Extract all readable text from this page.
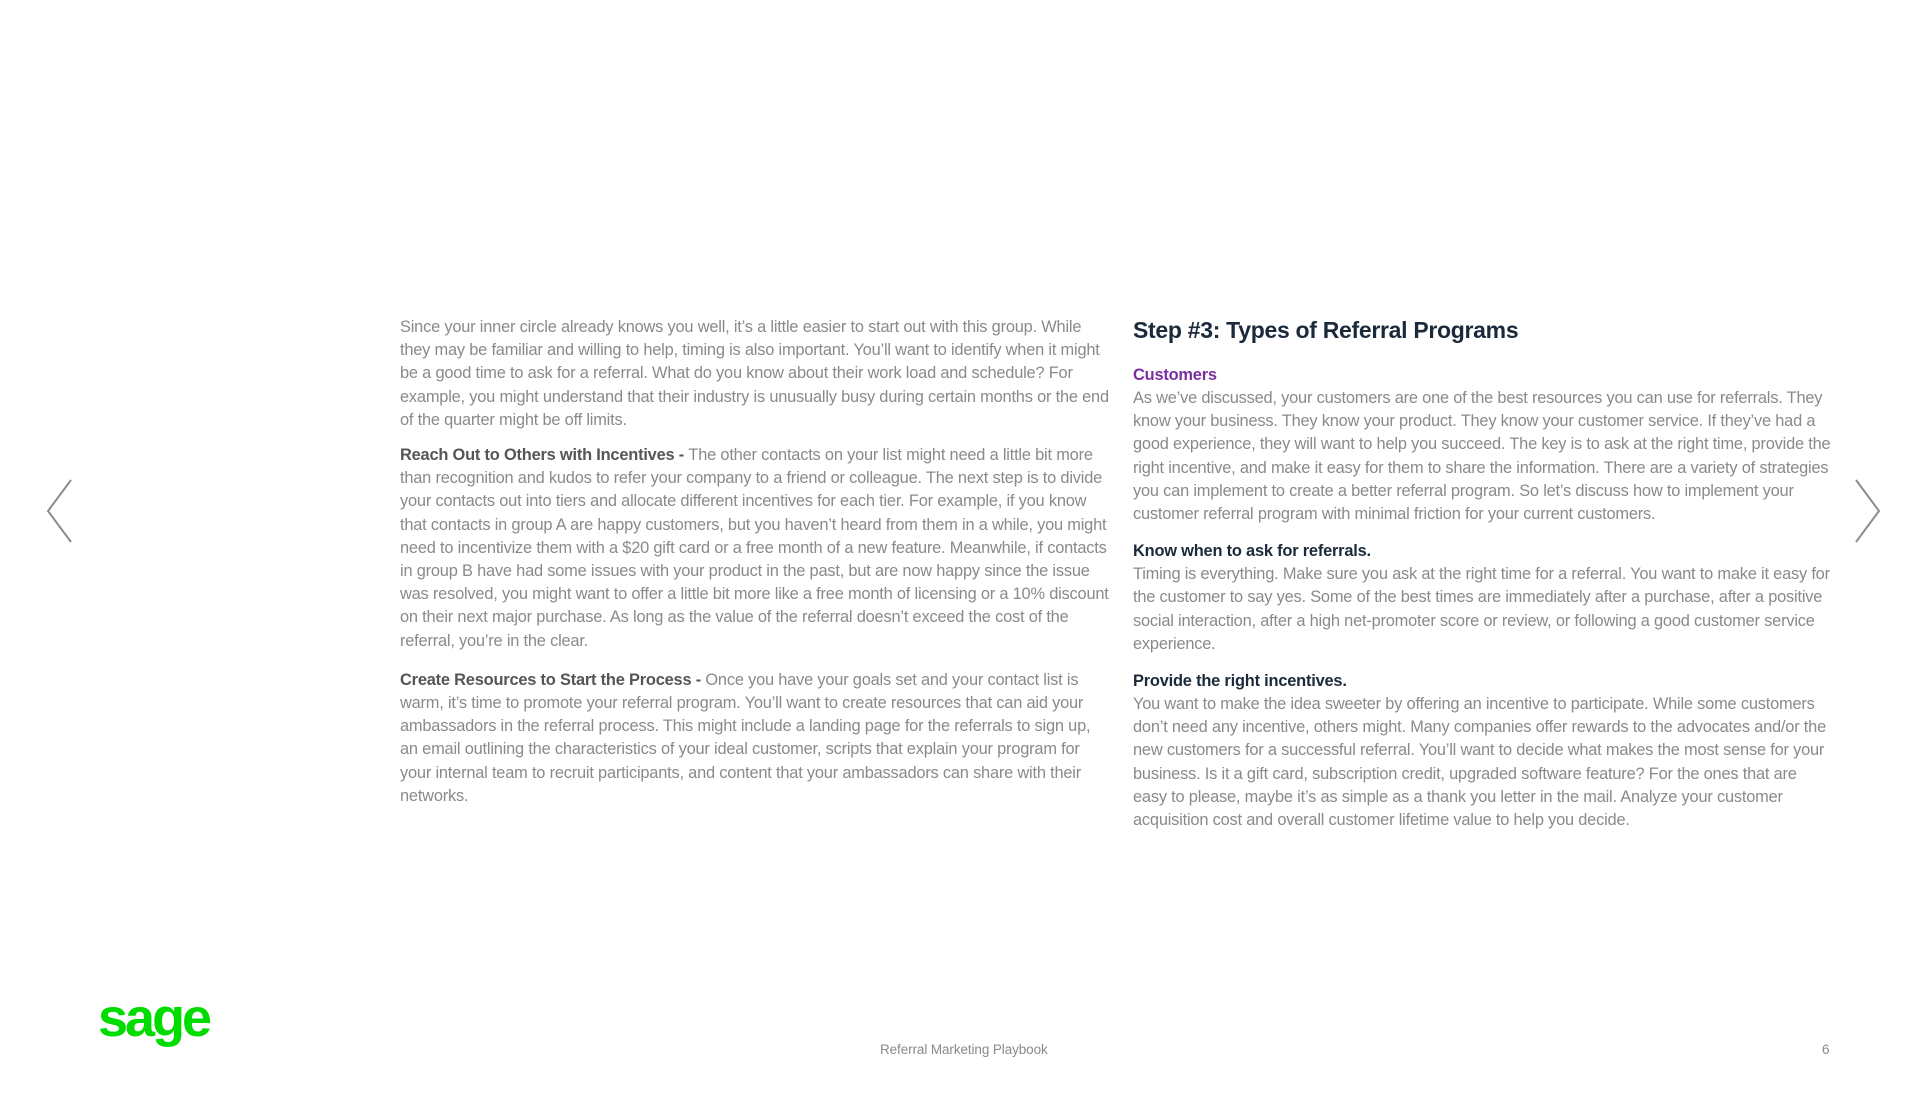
Since your inner circle already knows you well, it’s a little easier to start out with this group. While they may be familiar and willing to help, timing is also important. You’ll want to identify when it might be a good time to ask for a referral. What do you know about their work load and schedule? For example, you might understand that their industry is unusually busy during certain months or the end of the quarter might be off limits.

Reach Out to Others with Incentives - The other contacts on your list might need a little bit more than recognition and kudos to refer your company to a friend or colleague. The next step is to divide your contacts out into tiers and allocate different incentives for each tier. For example, if you know that contacts in group A are happy customers, but you haven’t heard from them in a while, you might need to incentivize them with a $20 gift card or a free month of a new feature. Meanwhile, if contacts in group B have had some issues with your product in the past, but are now happy since the issue was resolved, you might want to offer a little bit more like a free month of licensing or a 10% discount on their next major purchase. As long as the value of the referral doesn’t exceed the cost of the referral, you’re in the clear.

Create Resources to Start the Process - Once you have your goals set and your contact list is warm, it’s time to promote your referral program. You’ll want to create resources that can aid your ambassadors in the referral process. This might include a landing page for the referrals to sign up, an email outlining the characteristics of your ideal customer, scripts that explain your program for your internal team to recruit participants, and content that your ambassadors can share with their networks.

Step #3: Types of Referral Programs
Customers

As we’ve discussed, your customers are one of the best resources you can use for referrals. They know your business. They know your product. They know your customer service. If they’ve had a good experience, they will want to help you succeed. The key is to ask at the right time, provide the right incentive, and make it easy for them to share the information. There are a variety of strategies you can implement to create a better referral program. So let’s discuss how to implement your customer referral program with minimal friction for your current customers.

Know when to ask for referrals.

Timing is everything. Make sure you ask at the right time for a referral. You want to make it easy for the customer to say yes. Some of the best times are immediately after a purchase, after a positive social interaction, after a high net-promoter score or review, or following a good customer service experience.

Provide the right incentives.

You want to make the idea sweeter by offering an incentive to participate. While some customers don’t need any incentive, others might. Many companies offer rewards to the advocates and/or the new customers for a successful referral. You’ll want to decide what makes the most sense for your business. Is it a gift card, subscription credit, upgraded software feature? For the ones that are easy to please, maybe it’s as simple as a thank you letter in the mail. Analyze your customer acquisition cost and overall customer lifetime value to help you decide.

sage
Referral Marketing Playbook	6
